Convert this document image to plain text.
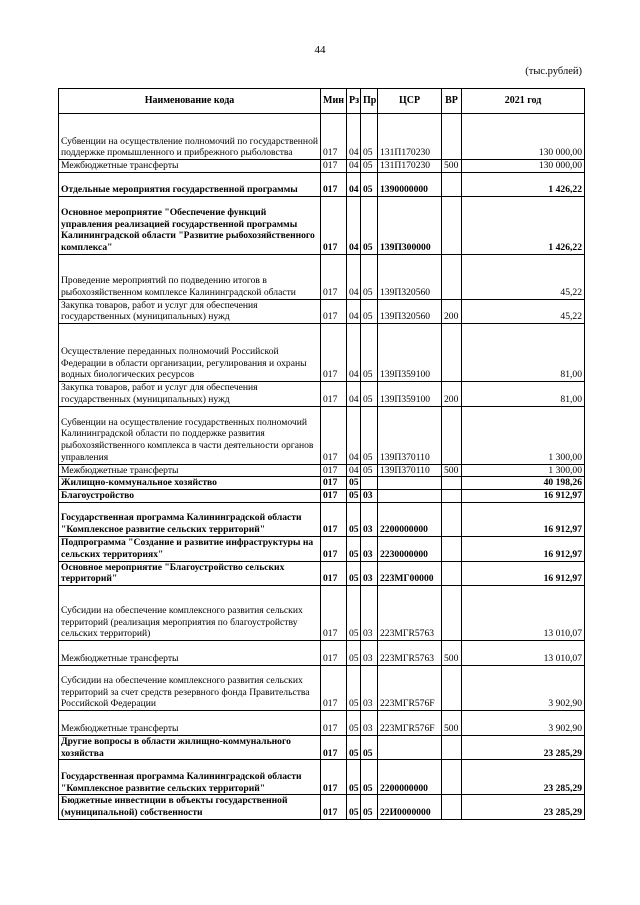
44
(тыс.рублей)
Наименование кода	Мин	Рз	Пр	ЦСР	ВР	2021 год
Субвенции на осуществление полномочий по государственной поддержке промышленного и прибрежного рыболовства	017	04	05	131П170230		130 000,00
Межбюджетные трансферты	017	04	05	131П170230	500	130 000,00
Отдельные мероприятия государственной программы	017	04	05	1390000000		1 426,22
Основное мероприятие "Обеспечение функций управления реализацией государственной программы Калининградской области "Развитие рыбохозяйственного комплекса"	017	04	05	139П300000		1 426,22
Проведение мероприятий по подведению итогов в рыбохозяйственном комплексе Калининградской области	017	04	05	139П320560		45,22
Закупка товаров, работ и услуг для обеспечения государственных (муниципальных) нужд	017	04	05	139П320560	200	45,22
Осуществление переданных полномочий Российской Федерации в области организации, регулирования и охраны водных биологических ресурсов	017	04	05	139П359100		81,00
Закупка товаров, работ и услуг для обеспечения государственных (муниципальных) нужд	017	04	05	139П359100	200	81,00
Субвенции на осуществление государственных полномочий Калининградской области по поддержке развития рыбохозяйственного комплекса в части деятельности органов управления	017	04	05	139П370110		1 300,00
Межбюджетные трансферты	017	04	05	139П370110	500	1 300,00
Жилищно-коммунальное хозяйство	017	05				40 198,26
Благоустройство	017	05	03			16 912,97
Государственная программа Калининградской области "Комплексное развитие сельских территорий"	017	05	03	2200000000		16 912,97
Подпрограмма "Создание и развитие инфраструктуры на сельских территориях"	017	05	03	2230000000		16 912,97
Основное мероприятие "Благоустройство сельских территорий"	017	05	03	223МГ00000		16 912,97
Субсидии на обеспечение комплексного развития сельских территорий (реализация мероприятия по благоустройству сельских территорий)	017	05	03	223МГR5763		13 010,07
Межбюджетные трансферты	017	05	03	223МГR5763	500	13 010,07
Субсидии на обеспечение комплексного развития сельских территорий за счет средств резервного фонда Правительства Российской Федерации	017	05	03	223МГR576F		3 902,90
Межбюджетные трансферты	017	05	03	223МГR576F	500	3 902,90
Другие вопросы в области жилищно-коммунального хозяйства	017	05	05			23 285,29
Государственная программа Калининградской области "Комплексное развитие сельских территорий"	017	05	05	2200000000		23 285,29
Бюджетные инвестиции в объекты государственной (муниципальной) собственности	017	05	05	22И0000000		23 285,29
